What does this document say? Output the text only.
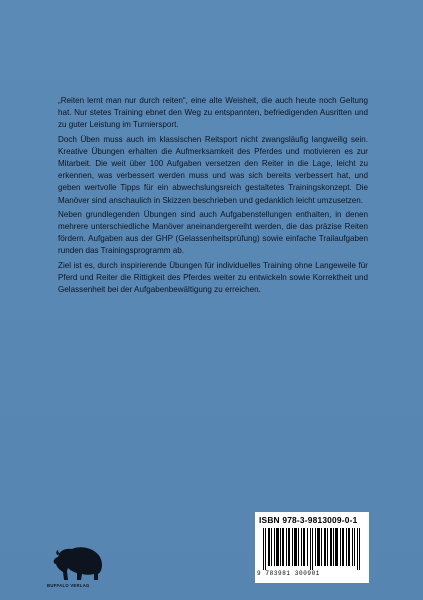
„Reiten lernt man nur durch reiten“, eine alte Weisheit, die auch heute noch Geltung hat. Nur stetes Training ebnet den Weg zu entspannten, befriedigenden Ausritten und zu guter Leistung im Turniersport.

Doch Üben muss auch im klassischen Reitsport nicht zwangsläufig langweilig sein. Kreative Übungen erhalten die Aufmerksamkeit des Pferdes und motivieren es zur Mitarbeit. Die weit über 100 Aufgaben versetzen den Reiter in die Lage, leicht zu erkennen, was verbessert werden muss und was sich bereits verbessert hat, und geben wertvolle Tipps für ein abwechslungsreich gestaltetes Trainingskonzept. Die Manöver sind anschaulich in Skizzen beschrieben und gedanklich leicht umzusetzen.

Neben grundlegenden Übungen sind auch Aufgabenstellungen enthalten, in denen mehrere unterschiedliche Manöver aneinandergereiht werden, die das präzise Reiten fördern. Aufgaben aus der GHP (Gelassenheitsprüfung) sowie einfache Trailaufgaben runden das Trainingsprogramm ab.

Ziel ist es, durch inspirierende Übungen für individuelles Training ohne Langeweile für Pferd und Reiter die Rittigkeit des Pferdes weiter zu entwickeln sowie Korrektheit und Gelassenheit bei der Aufgabenbewältigung zu erreichen.

ISBN 978-3-9813009-0-1
9 783981 300901
BUFFALO VERLAG
